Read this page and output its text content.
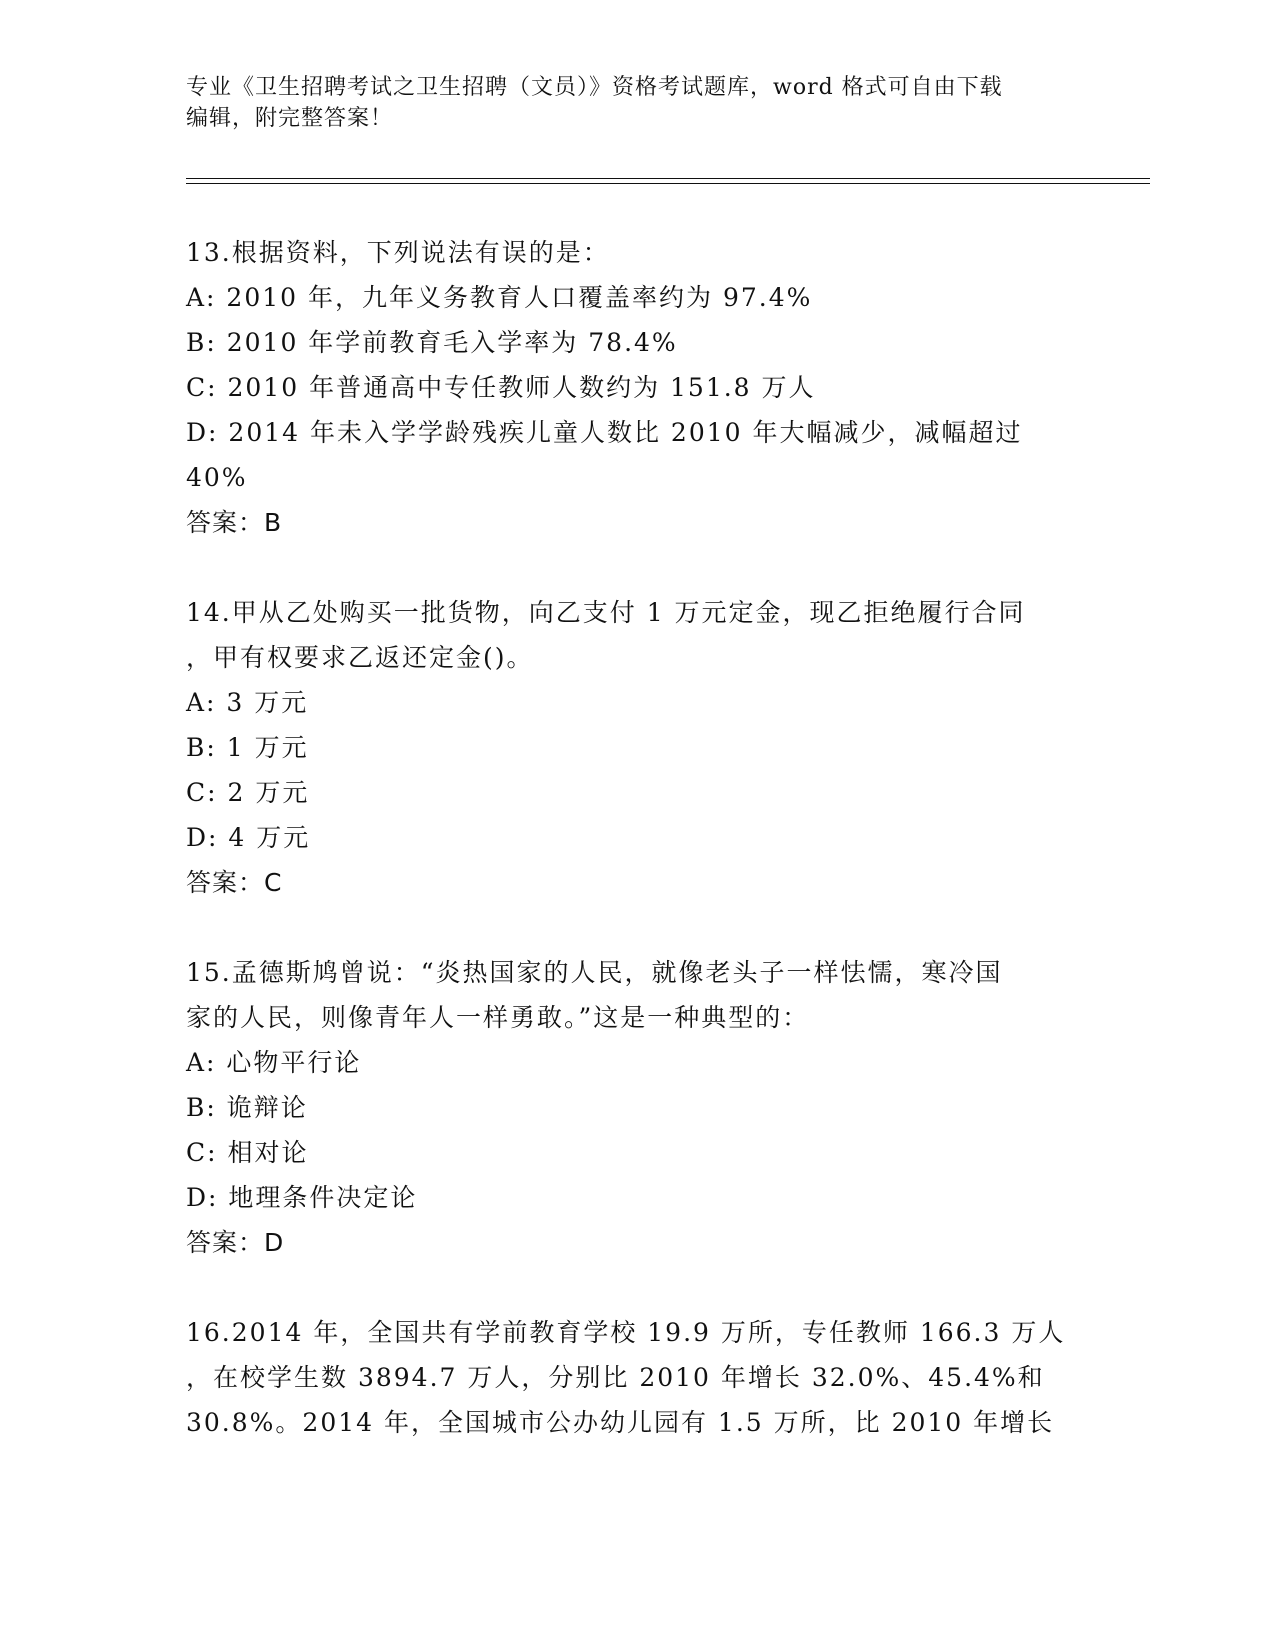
专业《卫生招聘考试之卫生招聘（文员）》资格考试题库，word 格式可自由下载
编辑，附完整答案！
13.根据资料，下列说法有误的是：
A: 2010 年，九年义务教育人口覆盖率约为 97.4%
B: 2010 年学前教育毛入学率为 78.4%
C: 2010 年普通高中专任教师人数约为 151.8 万人
D: 2014 年未入学学龄残疾儿童人数比 2010 年大幅减少，减幅超过
40%
答案：B
14.甲从乙处购买一批货物，向乙支付 1 万元定金，现乙拒绝履行合同
，甲有权要求乙返还定金()。
A: 3 万元
B: 1 万元
C: 2 万元
D: 4 万元
答案：C
15.孟德斯鸠曾说：“炎热国家的人民，就像老头子一样怯懦，寒冷国
家的人民，则像青年人一样勇敢。”这是一种典型的：
A: 心物平行论
B: 诡辩论
C: 相对论
D: 地理条件决定论
答案：D
16.2014 年，全国共有学前教育学校 19.9 万所，专任教师 166.3 万人
，在校学生数 3894.7 万人，分别比 2010 年增长 32.0%、45.4%和
30.8%。2014 年，全国城市公办幼儿园有 1.5 万所，比 2010 年增长
